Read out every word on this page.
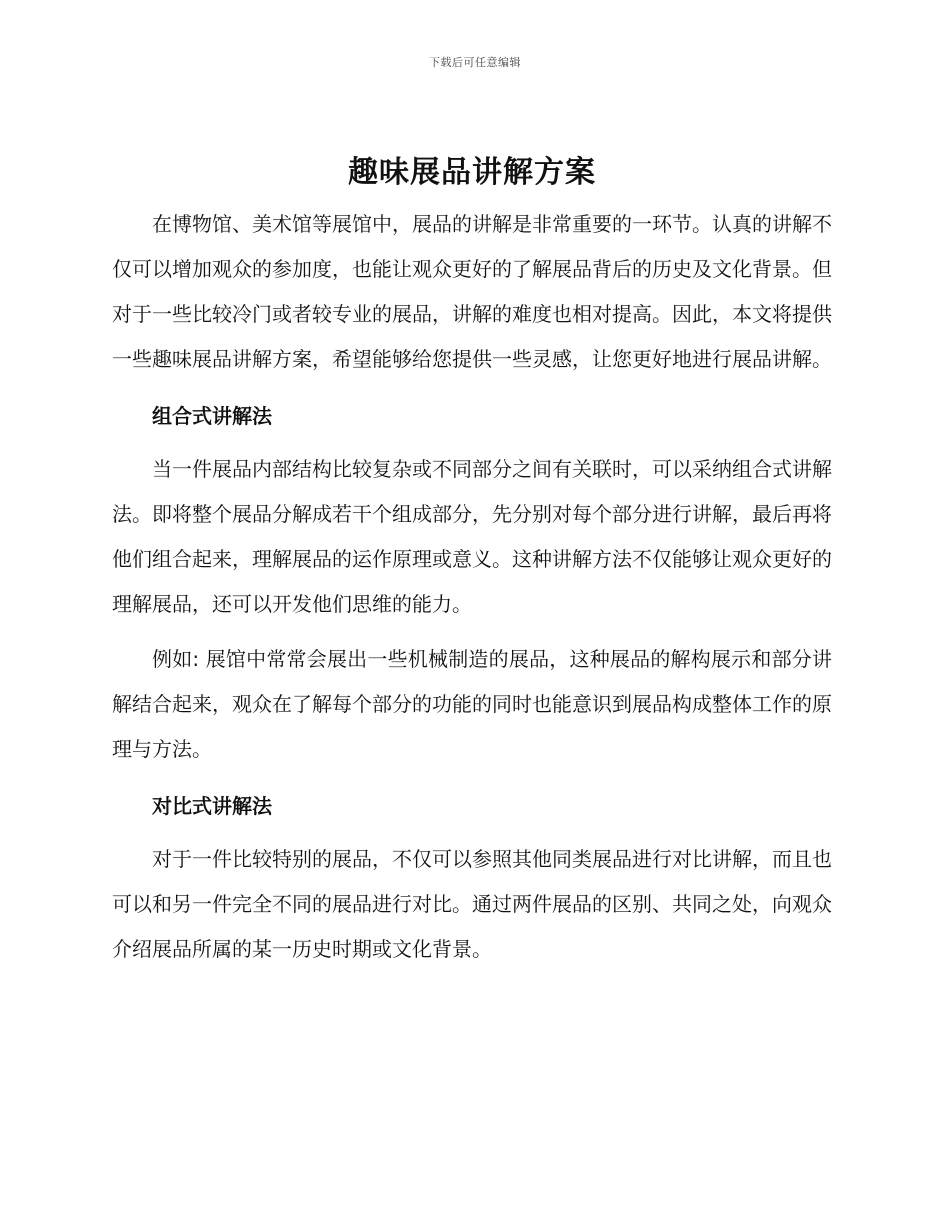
下载后可任意编辑
趣味展品讲解方案

在博物馆、美术馆等展馆中，展品的讲解是非常重要的一环节。认真的讲解不仅可以增加观众的参加度，也能让观众更好的了解展品背后的历史及文化背景。但对于一些比较冷门或者较专业的展品，讲解的难度也相对提高。因此，本文将提供一些趣味展品讲解方案，希望能够给您提供一些灵感，让您更好地进行展品讲解。

组合式讲解法

当一件展品内部结构比较复杂或不同部分之间有关联时，可以采纳组合式讲解法。即将整个展品分解成若干个组成部分，先分别对每个部分进行讲解，最后再将他们组合起来，理解展品的运作原理或意义。这种讲解方法不仅能够让观众更好的理解展品，还可以开发他们思维的能力。

例如: 展馆中常常会展出一些机械制造的展品，这种展品的解构展示和部分讲解结合起来，观众在了解每个部分的功能的同时也能意识到展品构成整体工作的原理与方法。

对比式讲解法

对于一件比较特别的展品，不仅可以参照其他同类展品进行对比讲解，而且也可以和另一件完全不同的展品进行对比。通过两件展品的区别、共同之处，向观众介绍展品所属的某一历史时期或文化背景。
